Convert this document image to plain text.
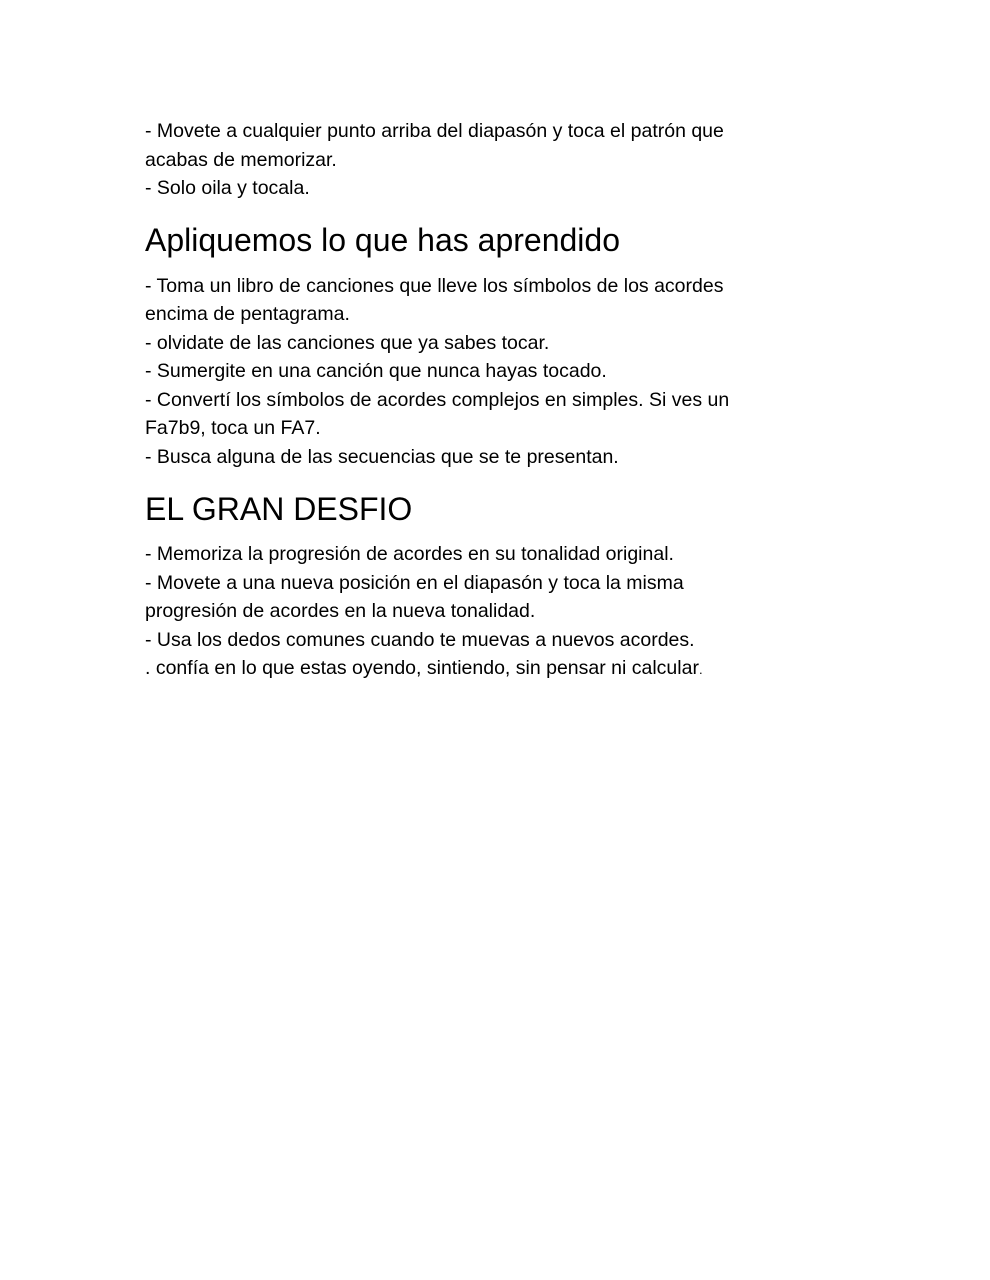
- Movete a cualquier punto arriba del diapasón y toca el patrón que

acabas de memorizar.

- Solo oila y tocala.

Apliquemos lo que has aprendido

- Toma un libro de canciones que lleve los símbolos de los acordes

encima de pentagrama.

- olvidate de las canciones que ya sabes tocar.

- Sumergite en una canción que nunca hayas tocado.

- Convertí los símbolos de acordes complejos en simples. Si ves un

Fa7b9, toca un FA7.

- Busca alguna de las secuencias que se te presentan.

EL GRAN DESFIO

- Memoriza la progresión de acordes en su tonalidad original.

- Movete a una nueva posición en el diapasón y toca la misma

progresión de acordes en la nueva tonalidad.

- Usa los dedos comunes cuando te muevas a nuevos acordes.

. confía en lo que estas oyendo, sintiendo, sin pensar ni calcular.
